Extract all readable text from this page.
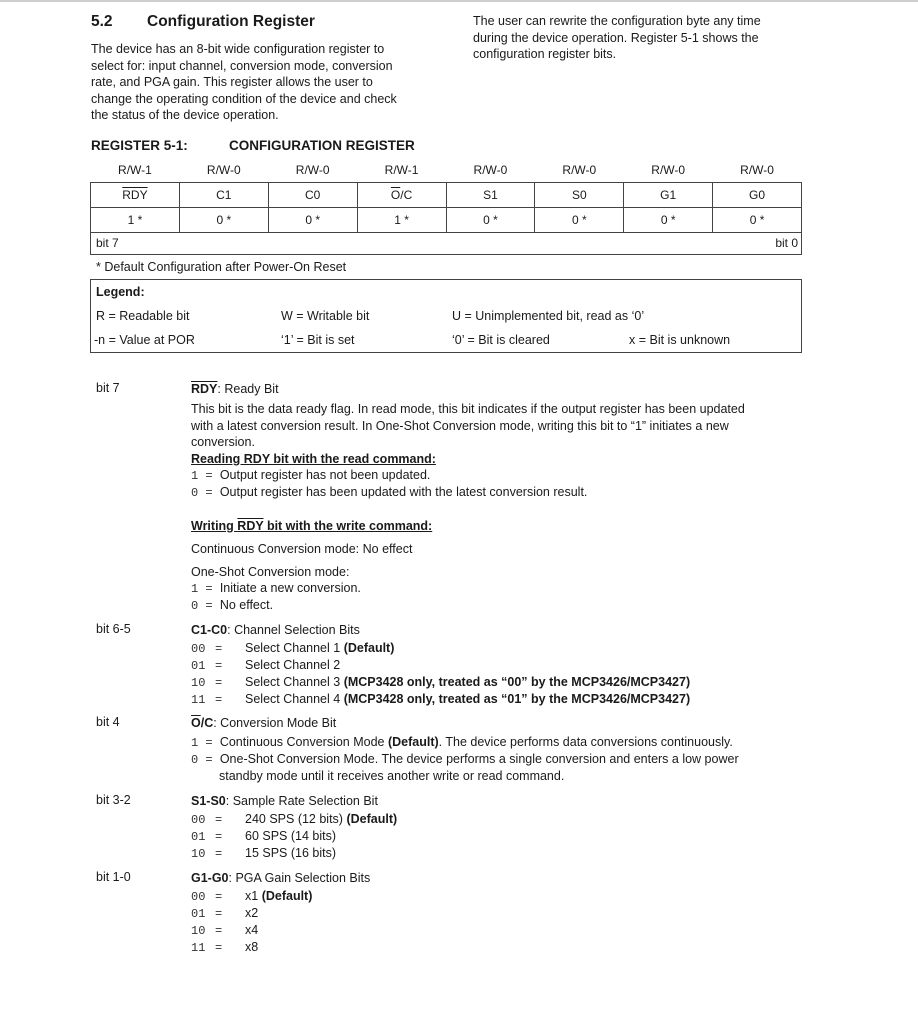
5.2 Configuration Register
The device has an 8-bit wide configuration register to
select for: input channel, conversion mode, conversion
rate, and PGA gain. This register allows the user to
change the operating condition of the device and check
the status of the device operation.
The user can rewrite the configuration byte any time
during the device operation. Register 5-1 shows the
configuration register bits.
REGISTER 5-1:	CONFIGURATION REGISTER
R/W-1	R/W-0	R/W-0	R/W-1	R/W-0	R/W-0	R/W-0	R/W-0
$\overline{RDY}$	C1	C0	$\overline{O}/C$	S1	S0	G1	G0
1 *	0 *	0 *	1 *	0 *	0 *	0 *	0 *
bit 7	bit 0
* Default Configuration after Power-On Reset
Legend:
R = Readable bit	W = Writable bit	U = Unimplemented bit, read as ‘0’
-n = Value at POR	‘1’ = Bit is set	‘0’ = Bit is cleared	x = Bit is unknown
bit 7	$\overline{RDY}$: Ready Bit
This bit is the data ready flag. In read mode, this bit indicates if the output register has been updated
with a latest conversion result. In One-Shot Conversion mode, writing this bit to “1” initiates a new
conversion.
Reading RDY bit with the read command:
1 = Output register has not been updated.
0 = Output register has been updated with the latest conversion result.
Writing RDY bit with the write command:
Continuous Conversion mode: No effect
One-Shot Conversion mode:
1 = Initiate a new conversion.
0 = No effect.
bit 6-5	C1-C0: Channel Selection Bits
00 = Select Channel 1 (Default)
01 = Select Channel 2
10 = Select Channel 3 (MCP3428 only, treated as “00” by the MCP3426/MCP3427)
11 = Select Channel 4 (MCP3428 only, treated as “01” by the MCP3426/MCP3427)
bit 4	$\overline{O}/C$: Conversion Mode Bit
1 = Continuous Conversion Mode (Default). The device performs data conversions continuously.
0 = One-Shot Conversion Mode. The device performs a single conversion and enters a low power
standby mode until it receives another write or read command.
bit 3-2	S1-S0: Sample Rate Selection Bit
00 = 240 SPS (12 bits) (Default)
01 = 60 SPS (14 bits)
10 = 15 SPS (16 bits)
bit 1-0	G1-G0: PGA Gain Selection Bits
00 = x1 (Default)
01 = x2
10 = x4
11 = x8
